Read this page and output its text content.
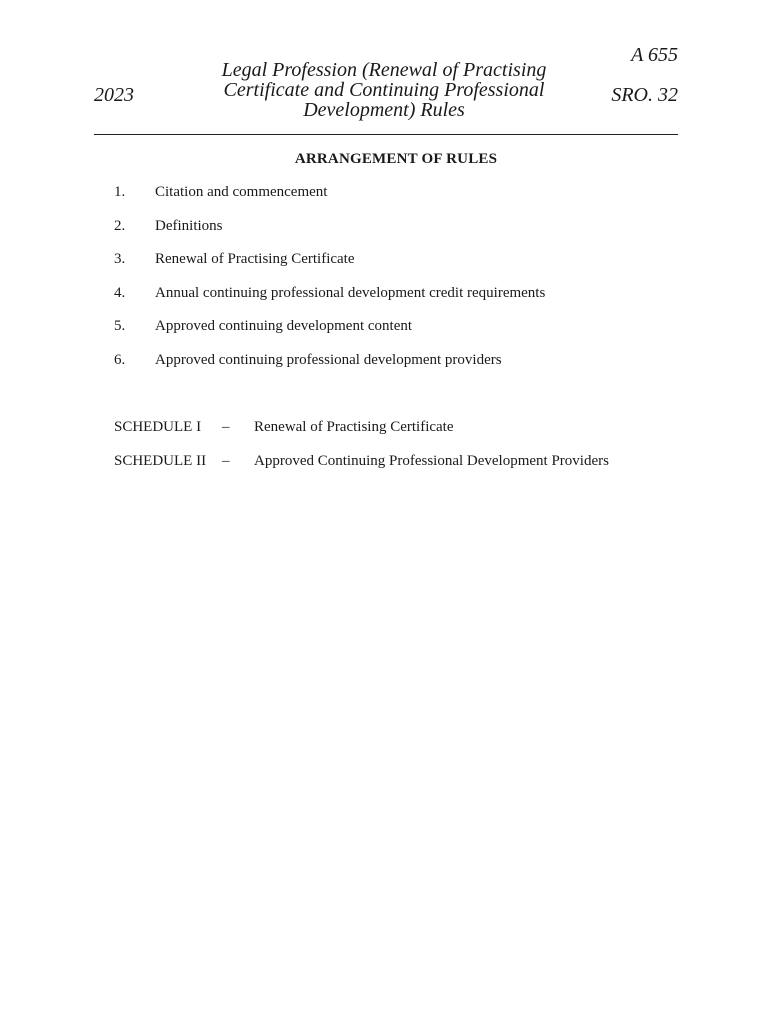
2023
Legal Profession (Renewal of Practising
Certificate and Continuing Professional
Development) Rules
A 655
SRO. 32
ARRANGEMENT OF RULES
1.	Citation and commencement
2.	Definitions
3.	Renewal of Practising Certificate
4.	Annual continuing professional development credit requirements
5.	Approved continuing development content
6.	Approved continuing professional development providers
SCHEDULE I	–	Renewal of Practising Certificate
SCHEDULE II	–	Approved Continuing Professional Development Providers
